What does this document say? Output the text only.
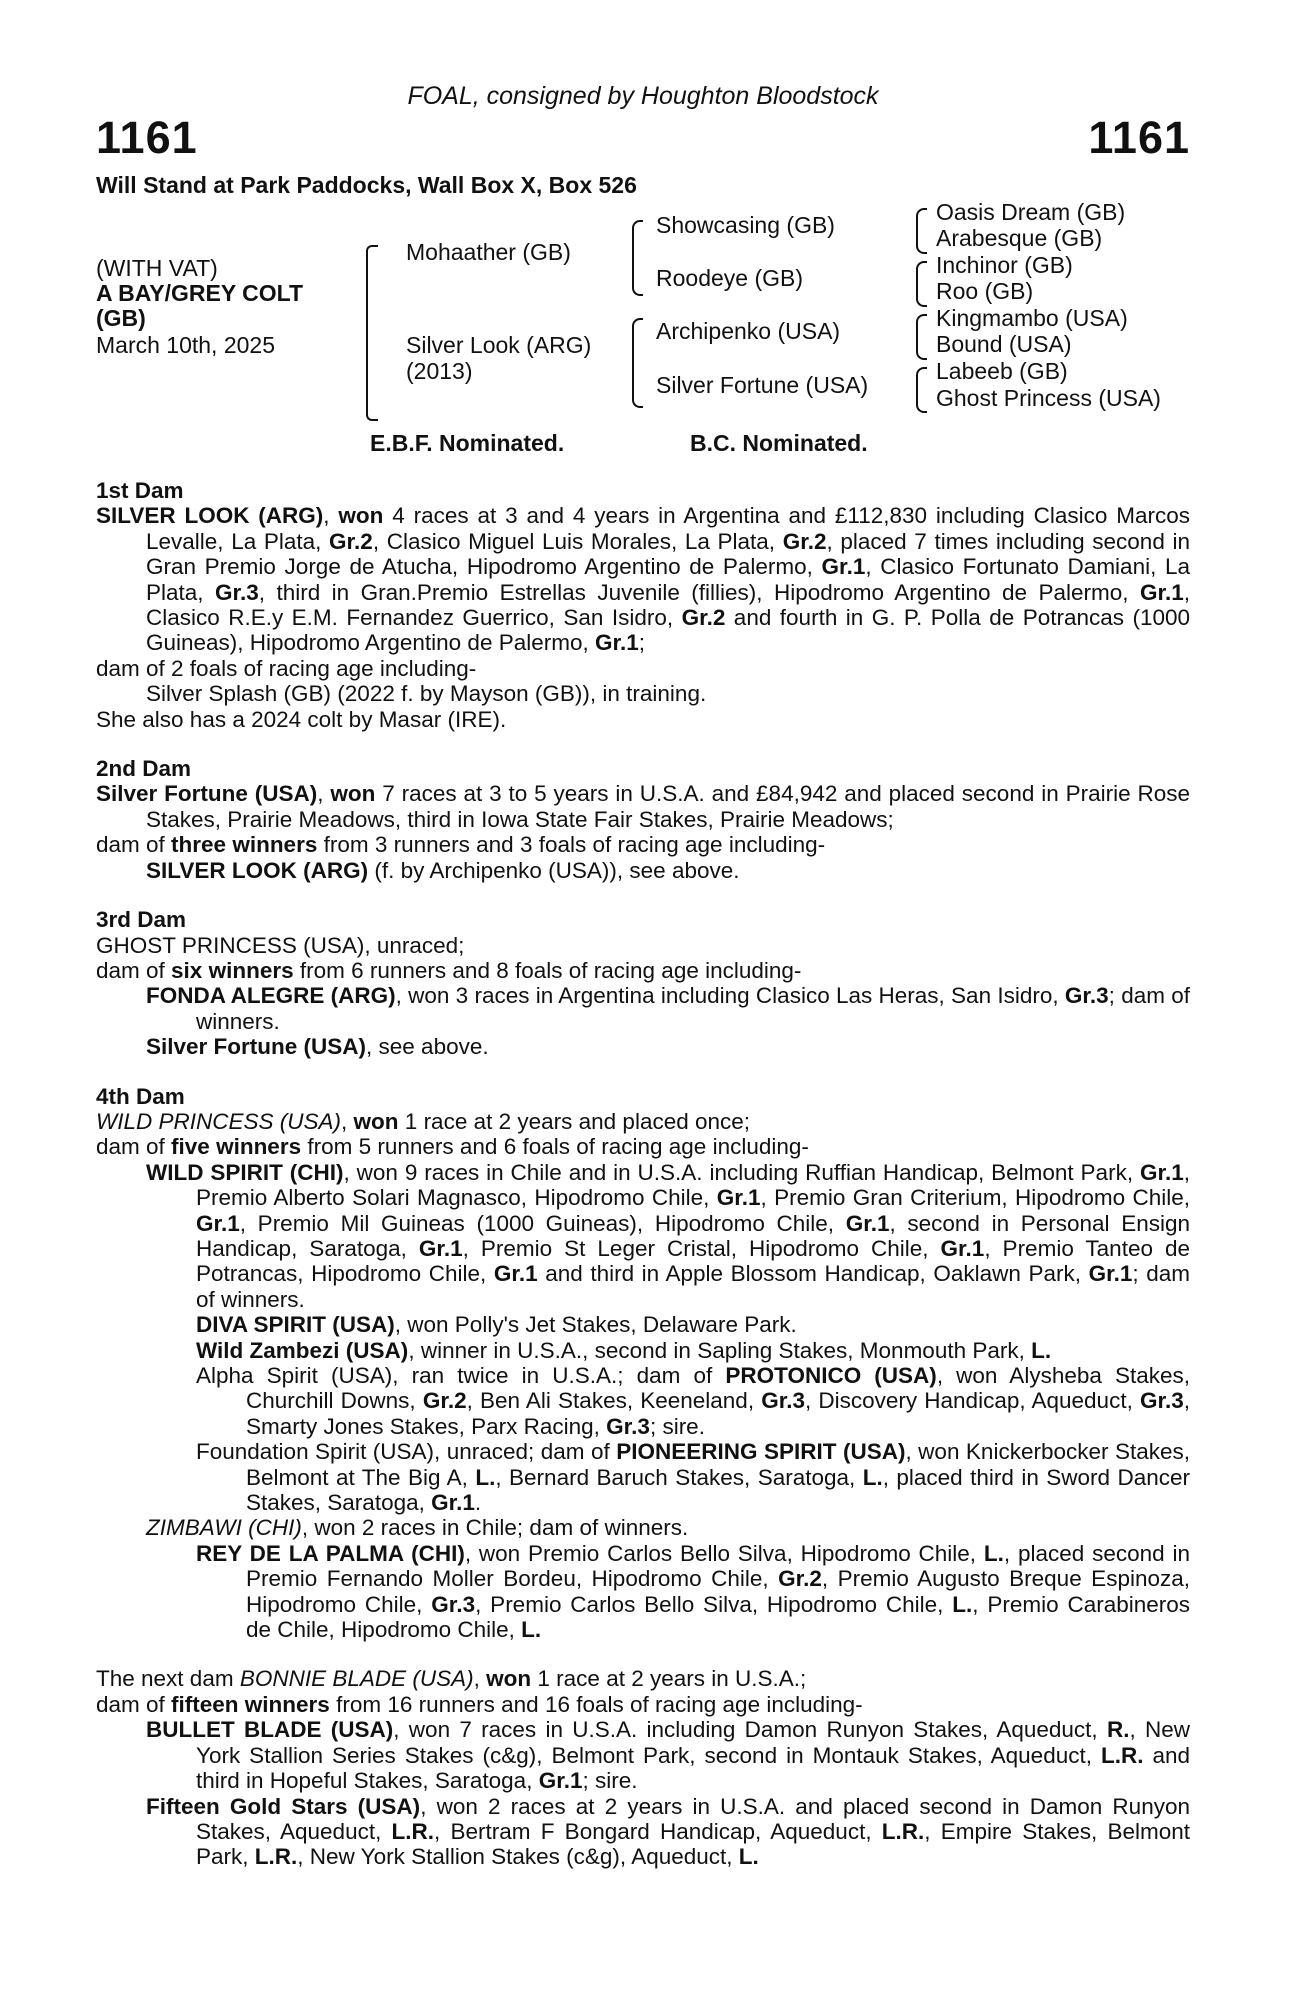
FOAL, consigned by Houghton Bloodstock
1161	1161
Will Stand at Park Paddocks, Wall Box X, Box 526
(WITH VAT)
A BAY/GREY COLT
(GB)
March 10th, 2025
Mohaather (GB)
Silver Look (ARG)
(2013)
Showcasing (GB)
Roodeye (GB)
Archipenko (USA)
Silver Fortune (USA)
Oasis Dream (GB)
Arabesque (GB)
Inchinor (GB)
Roo (GB)
Kingmambo (USA)
Bound (USA)
Labeeb (GB)
Ghost Princess (USA)
E.B.F. Nominated.	B.C. Nominated.
1st Dam
SILVER LOOK (ARG), won 4 races at 3 and 4 years in Argentina and £112,830 including Clasico Marcos Levalle, La Plata, Gr.2, Clasico Miguel Luis Morales, La Plata, Gr.2, placed 7 times including second in Gran Premio Jorge de Atucha, Hipodromo Argentino de Palermo, Gr.1, Clasico Fortunato Damiani, La Plata, Gr.3, third in Gran.Premio Estrellas Juvenile (fillies), Hipodromo Argentino de Palermo, Gr.1, Clasico R.E.y E.M. Fernandez Guerrico, San Isidro, Gr.2 and fourth in G. P. Polla de Potrancas (1000 Guineas), Hipodromo Argentino de Palermo, Gr.1;
dam of 2 foals of racing age including-
Silver Splash (GB) (2022 f. by Mayson (GB)), in training.
She also has a 2024 colt by Masar (IRE).
2nd Dam
Silver Fortune (USA), won 7 races at 3 to 5 years in U.S.A. and £84,942 and placed second in Prairie Rose Stakes, Prairie Meadows, third in Iowa State Fair Stakes, Prairie Meadows;
dam of three winners from 3 runners and 3 foals of racing age including-
SILVER LOOK (ARG) (f. by Archipenko (USA)), see above.
3rd Dam
GHOST PRINCESS (USA), unraced;
dam of six winners from 6 runners and 8 foals of racing age including-
FONDA ALEGRE (ARG), won 3 races in Argentina including Clasico Las Heras, San Isidro, Gr.3; dam of winners.
Silver Fortune (USA), see above.
4th Dam
WILD PRINCESS (USA), won 1 race at 2 years and placed once;
dam of five winners from 5 runners and 6 foals of racing age including-
WILD SPIRIT (CHI), won 9 races in Chile and in U.S.A. including Ruffian Handicap, Belmont Park, Gr.1, Premio Alberto Solari Magnasco, Hipodromo Chile, Gr.1, Premio Gran Criterium, Hipodromo Chile, Gr.1, Premio Mil Guineas (1000 Guineas), Hipodromo Chile, Gr.1, second in Personal Ensign Handicap, Saratoga, Gr.1, Premio St Leger Cristal, Hipodromo Chile, Gr.1, Premio Tanteo de Potrancas, Hipodromo Chile, Gr.1 and third in Apple Blossom Handicap, Oaklawn Park, Gr.1; dam of winners.
DIVA SPIRIT (USA), won Polly's Jet Stakes, Delaware Park.
Wild Zambezi (USA), winner in U.S.A., second in Sapling Stakes, Monmouth Park, L.
Alpha Spirit (USA), ran twice in U.S.A.; dam of PROTONICO (USA), won Alysheba Stakes, Churchill Downs, Gr.2, Ben Ali Stakes, Keeneland, Gr.3, Discovery Handicap, Aqueduct, Gr.3, Smarty Jones Stakes, Parx Racing, Gr.3; sire.
Foundation Spirit (USA), unraced; dam of PIONEERING SPIRIT (USA), won Knickerbocker Stakes, Belmont at The Big A, L., Bernard Baruch Stakes, Saratoga, L., placed third in Sword Dancer Stakes, Saratoga, Gr.1.
ZIMBAWI (CHI), won 2 races in Chile; dam of winners.
REY DE LA PALMA (CHI), won Premio Carlos Bello Silva, Hipodromo Chile, L., placed second in Premio Fernando Moller Bordeu, Hipodromo Chile, Gr.2, Premio Augusto Breque Espinoza, Hipodromo Chile, Gr.3, Premio Carlos Bello Silva, Hipodromo Chile, L., Premio Carabineros de Chile, Hipodromo Chile, L.
The next dam BONNIE BLADE (USA), won 1 race at 2 years in U.S.A.;
dam of fifteen winners from 16 runners and 16 foals of racing age including-
BULLET BLADE (USA), won 7 races in U.S.A. including Damon Runyon Stakes, Aqueduct, R., New York Stallion Series Stakes (c&g), Belmont Park, second in Montauk Stakes, Aqueduct, L.R. and third in Hopeful Stakes, Saratoga, Gr.1; sire.
Fifteen Gold Stars (USA), won 2 races at 2 years in U.S.A. and placed second in Damon Runyon Stakes, Aqueduct, L.R., Bertram F Bongard Handicap, Aqueduct, L.R., Empire Stakes, Belmont Park, L.R., New York Stallion Stakes (c&g), Aqueduct, L.
